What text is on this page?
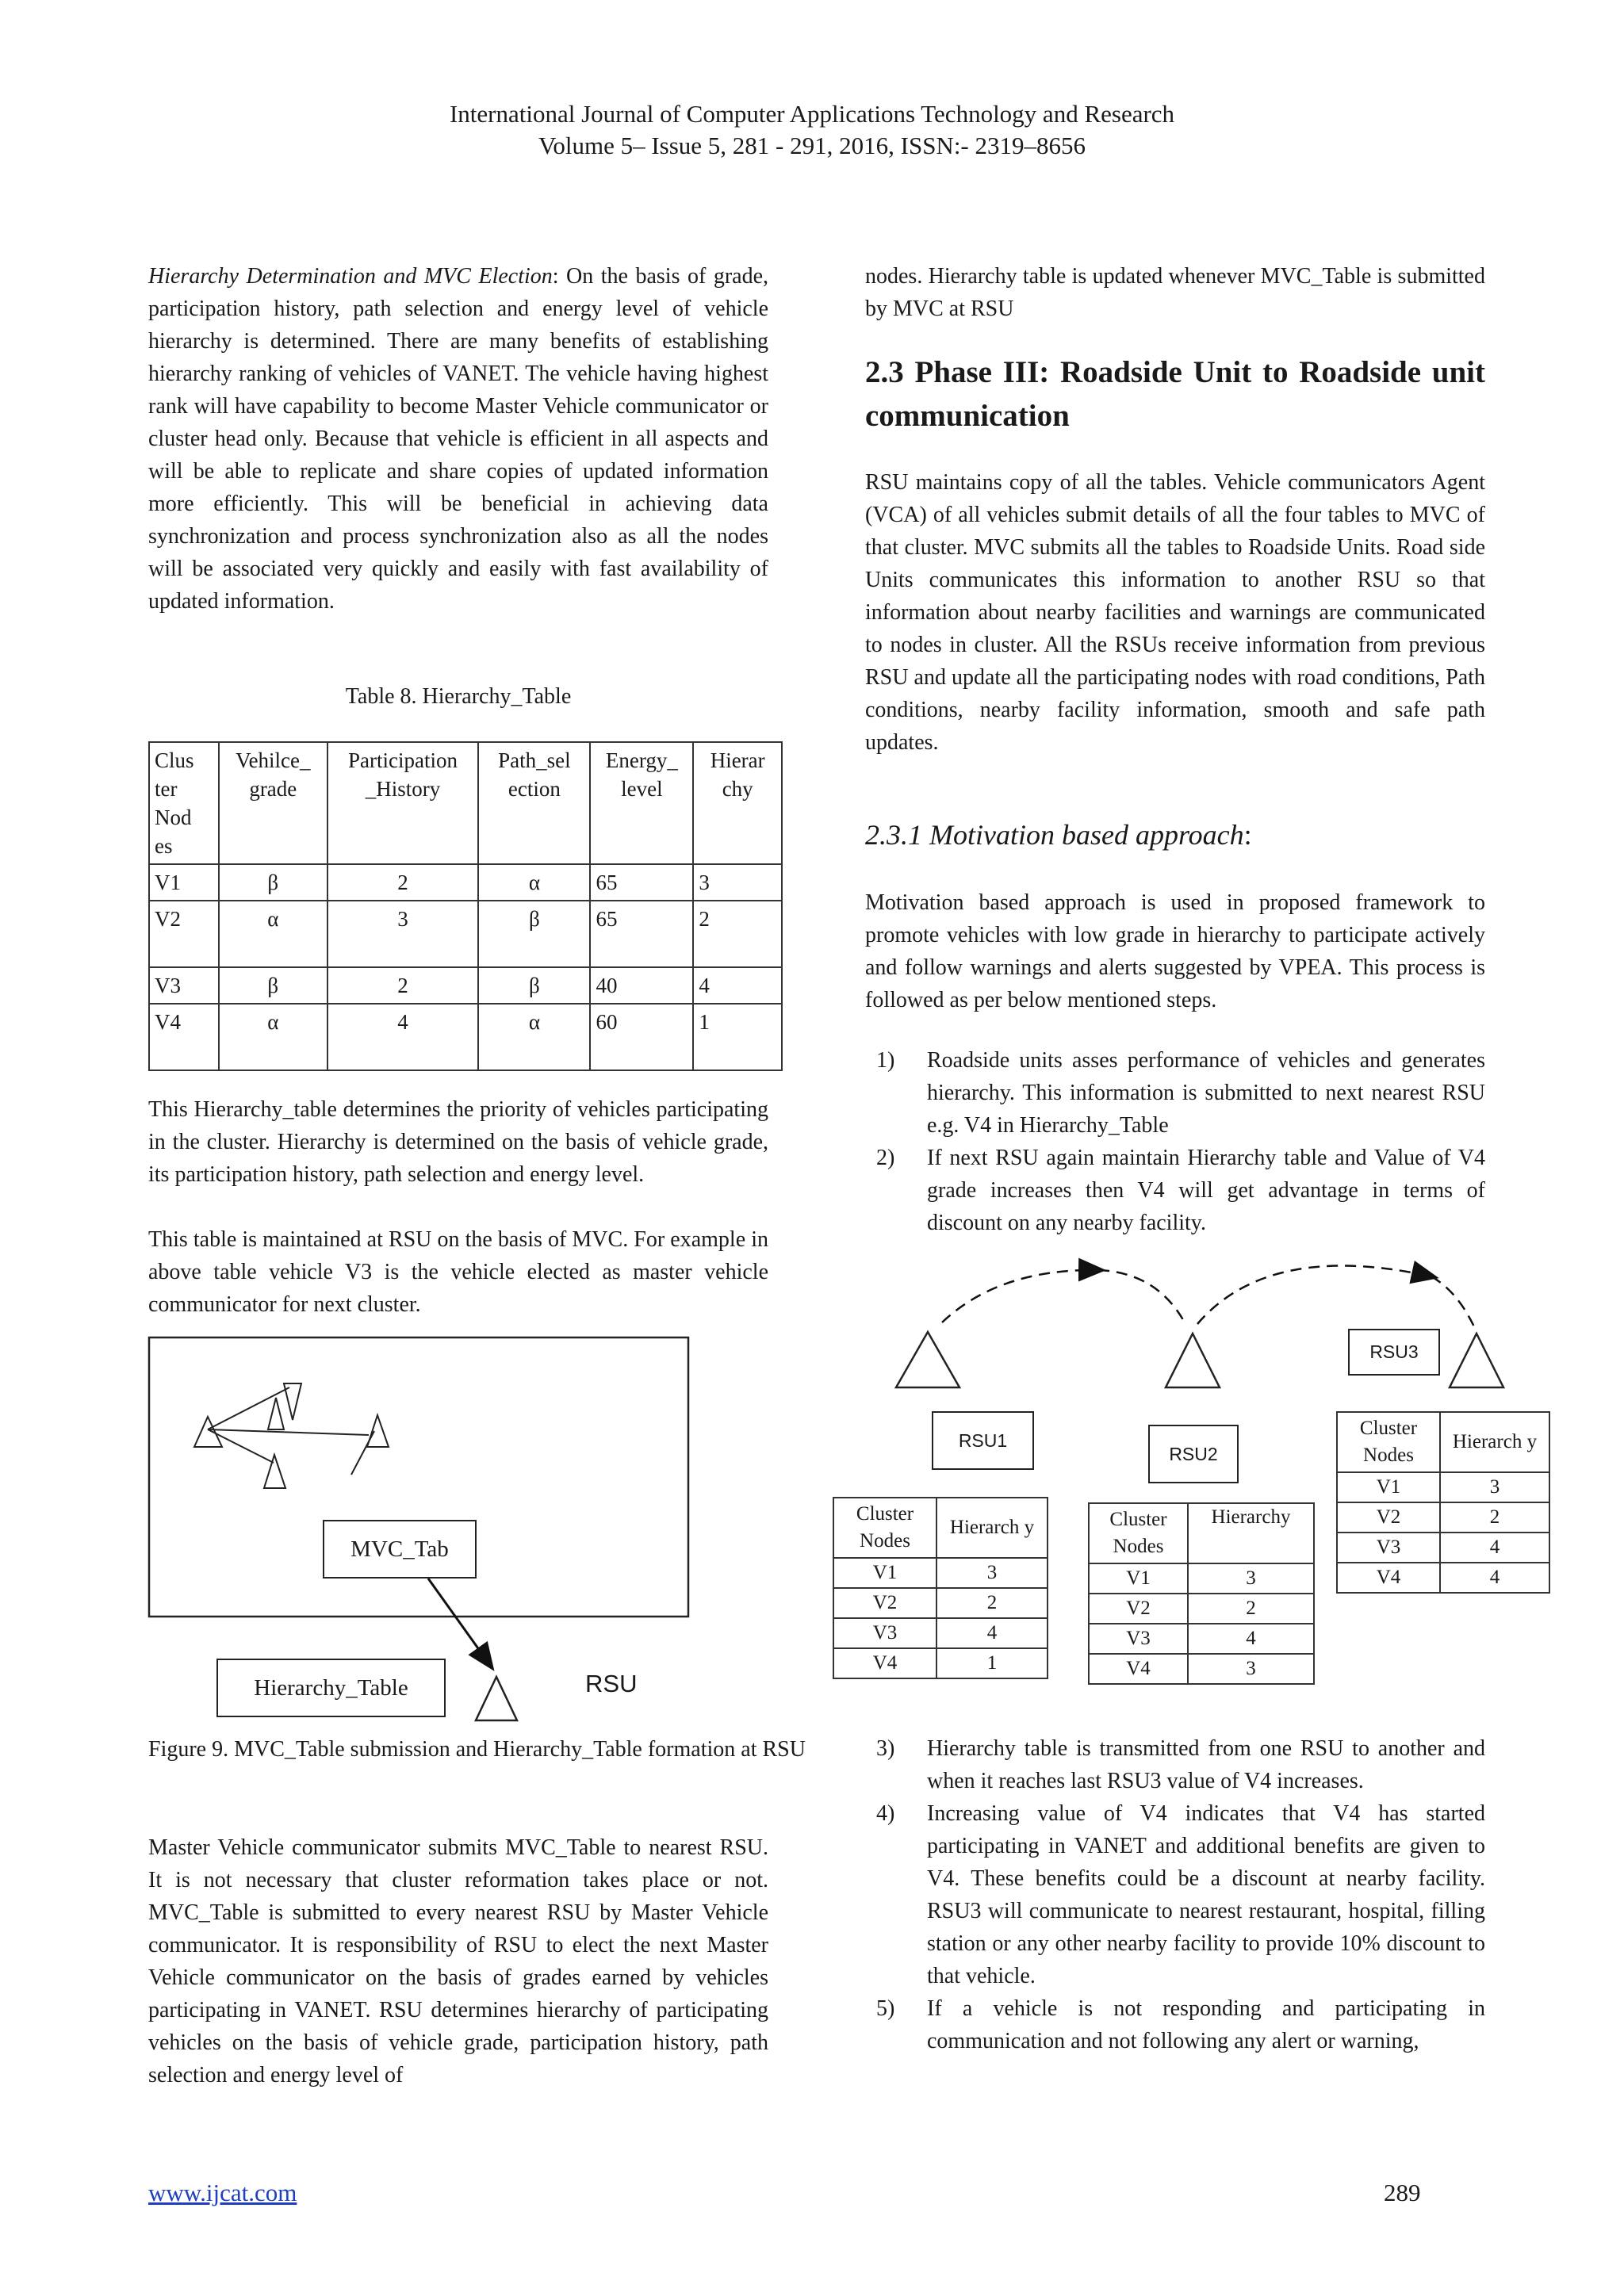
International Journal of Computer Applications Technology and Research
Volume 5– Issue 5, 281 - 291, 2016, ISSN:- 2319–8656

Hierarchy Determination and MVC Election: On the basis of grade, participation history, path selection and energy level of vehicle hierarchy is determined. There are many benefits of establishing hierarchy ranking of vehicles of VANET. The vehicle having highest rank will have capability to become Master Vehicle communicator or cluster head only. Because that vehicle is efficient in all aspects and will be able to replicate and share copies of updated information more efficiently. This will be beneficial in achieving data synchronization and process synchronization also as all the nodes will be associated very quickly and easily with fast availability of updated information.

Table 8. Hierarchy_Table
Clus ter Nod es	Vehilce_ grade	Participation _History	Path_sel ection	Energy_ level	Hierar chy
V1	β	2	α	65	3
V2	α	3	β	65	2
V3	β	2	β	40	4
V4	α	4	α	60	1

This Hierarchy_table determines the priority of vehicles participating in the cluster. Hierarchy is determined on the basis of vehicle grade, its participation history, path selection and energy level.

This table is maintained at RSU on the basis of MVC. For example in above table vehicle V3 is the vehicle elected as master vehicle communicator for next cluster.

MVC_Tab
Hierarchy_Table	RSU
Figure 9. MVC_Table submission and Hierarchy_Table formation at RSU

Master Vehicle communicator submits MVC_Table to nearest RSU. It is not necessary that cluster reformation takes place or not. MVC_Table is submitted to every nearest RSU by Master Vehicle communicator. It is responsibility of RSU to elect the next Master Vehicle communicator on the basis of grades earned by vehicles participating in VANET. RSU determines hierarchy of participating vehicles on the basis of vehicle grade, participation history, path selection and energy level of

nodes. Hierarchy table is updated whenever MVC_Table is submitted by MVC at RSU

2.3 Phase III: Roadside Unit to Roadside unit communication

RSU maintains copy of all the tables. Vehicle communicators Agent (VCA) of all vehicles submit details of all the four tables to MVC of that cluster. MVC submits all the tables to Roadside Units. Road side Units communicates this information to another RSU so that information about nearby facilities and warnings are communicated to nodes in cluster. All the RSUs receive information from previous RSU and update all the participating nodes with road conditions, Path conditions, nearby facility information, smooth and safe path updates.

2.3.1 Motivation based approach:

Motivation based approach is used in proposed framework to promote vehicles with low grade in hierarchy to participate actively and follow warnings and alerts suggested by VPEA. This process is followed as per below mentioned steps.

1) Roadside units asses performance of vehicles and generates hierarchy. This information is submitted to next nearest RSU e.g. V4 in Hierarchy_Table
2) If next RSU again maintain Hierarchy table and Value of V4 grade increases then V4 will get advantage in terms of discount on any nearby facility.
RSU3
RSU1
RSU2
Cluster Nodes	Hierarch y
V1	3
V2	2
V3	4
V4	1
Cluster Nodes	Hierarchy
V1	3
V2	2
V3	4
V4	3
Cluster Nodes	Hierarch y
V1	3
V2	2
V3	4
V4	4
3) Hierarchy table is transmitted from one RSU to another and when it reaches last RSU3 value of V4 increases.
4) Increasing value of V4 indicates that V4 has started participating in VANET and additional benefits are given to V4. These benefits could be a discount at nearby facility. RSU3 will communicate to nearest restaurant, hospital, filling station or any other nearby facility to provide 10% discount to that vehicle.
5) If a vehicle is not responding and participating in communication and not following any alert or warning,
www.ijcat.com	289
